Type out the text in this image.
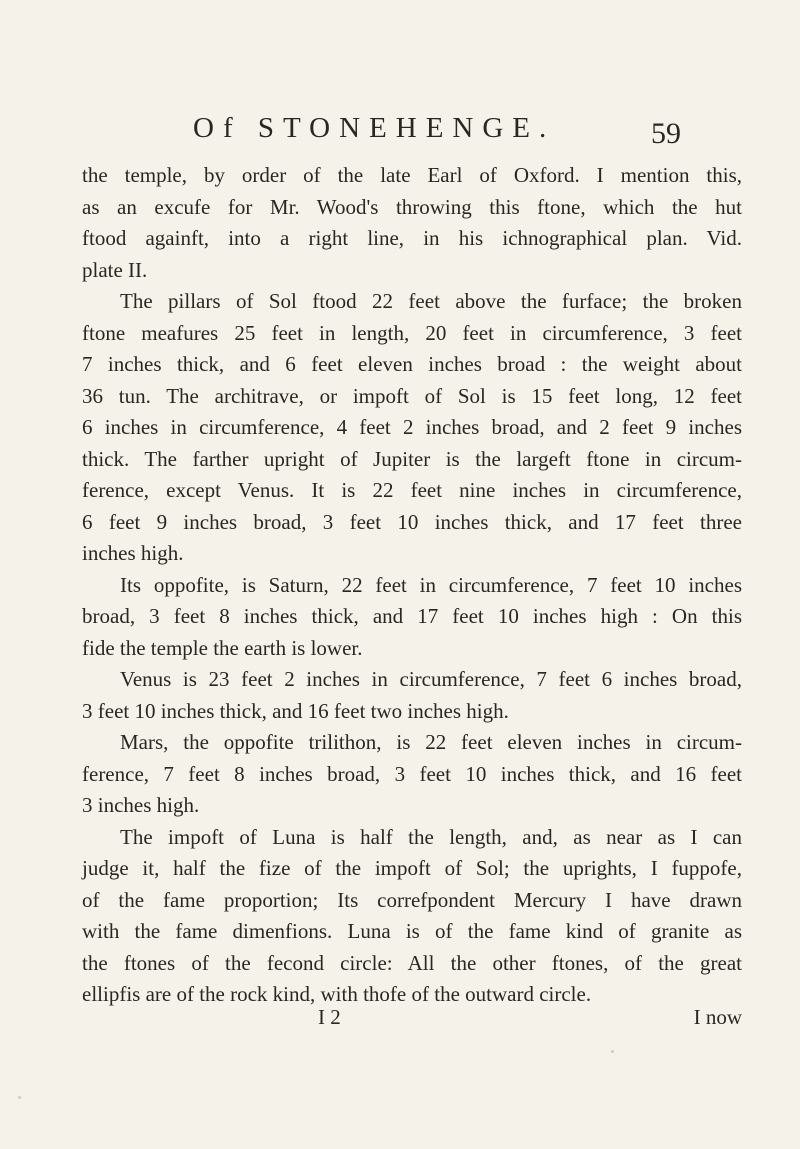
Of STONEHENGE.	59
the temple, by order of the late Earl of Oxford. I mention this,
as an excufe for Mr. Wood's throwing this ftone, which the hut
ftood againft, into a right line, in his ichnographical plan. Vid.
plate II.
The pillars of Sol ftood 22 feet above the furface; the broken
ftone meafures 25 feet in length, 20 feet in circumference, 3 feet
7 inches thick, and 6 feet eleven inches broad : the weight about
36 tun. The architrave, or impoft of Sol is 15 feet long, 12 feet
6 inches in circumference, 4 feet 2 inches broad, and 2 feet 9 inches
thick. The farther upright of Jupiter is the largeft ftone in circum-
ference, except Venus. It is 22 feet nine inches in circumference,
6 feet 9 inches broad, 3 feet 10 inches thick, and 17 feet three
inches high.
Its oppofite, is Saturn, 22 feet in circumference, 7 feet 10 inches
broad, 3 feet 8 inches thick, and 17 feet 10 inches high : On this
fide the temple the earth is lower.
Venus is 23 feet 2 inches in circumference, 7 feet 6 inches broad,
3 feet 10 inches thick, and 16 feet two inches high.
Mars, the oppofite trilithon, is 22 feet eleven inches in circum-
ference, 7 feet 8 inches broad, 3 feet 10 inches thick, and 16 feet
3 inches high.
The impoft of Luna is half the length, and, as near as I can
judge it, half the fize of the impoft of Sol; the uprights, I fuppofe,
of the fame proportion; Its correfpondent Mercury I have drawn
with the fame dimenfions. Luna is of the fame kind of granite as
the ftones of the fecond circle: All the other ftones, of the great
ellipfis are of the rock kind, with thofe of the outward circle.
I 2	I now
